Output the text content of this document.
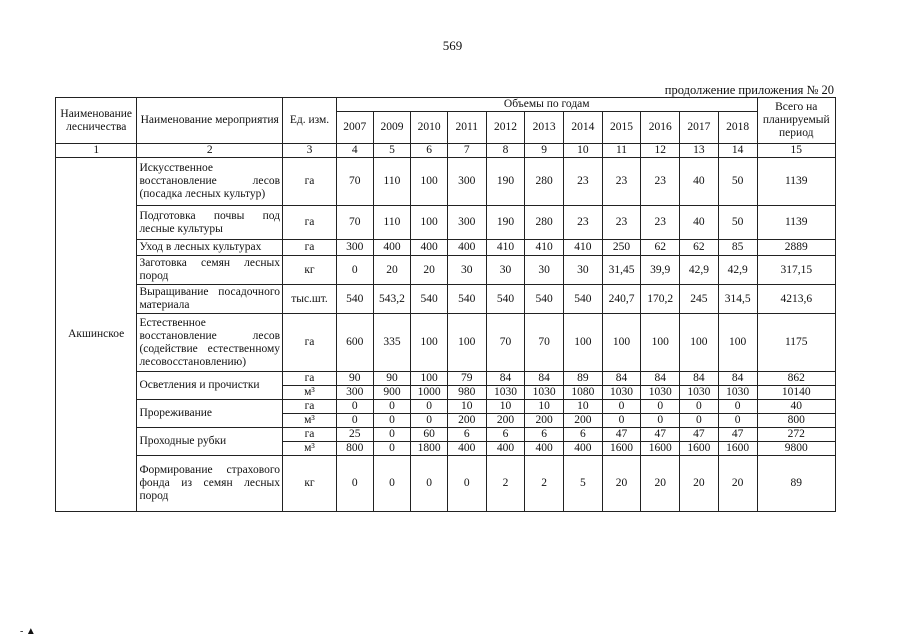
569
продолжение приложения № 20
Наименование лесничества	Наименование мероприятия	Ед. изм.	Объемы по годам											Всего на планируемый период
			2007	2009	2010	2011	2012	2013	2014	2015	2016	2017	2018	
1	2	3	4	5	6	7	8	9	10	11	12	13	14	15
Акшинское	Искусственное восстановление лесов (посадка лесных культур)	га	70	110	100	300	190	280	23	23	23	40	50	1139
	Подготовка почвы под лесные культуры	га	70	110	100	300	190	280	23	23	23	40	50	1139
	Уход в лесных культурах	га	300	400	400	400	410	410	410	250	62	62	85	2889
	Заготовка семян лесных пород	кг	0	20	20	30	30	30	30	31,45	39,9	42,9	42,9	317,15
	Выращивание посадочного материала	тыс.шт.	540	543,2	540	540	540	540	540	240,7	170,2	245	314,5	4213,6
	Естественное восстановление лесов (содействие естественному лесовосстановлению)	га	600	335	100	100	70	70	100	100	100	100	100	1175
	Осветления и прочистки	га	90	90	100	79	84	84	89	84	84	84	84	862
		м³	300	900	1000	980	1030	1030	1080	1030	1030	1030	1030	10140
	Прореживание	га	0	0	0	10	10	10	10	0	0	0	0	40
		м³	0	0	0	200	200	200	200	0	0	0	0	800
	Проходные рубки	га	25	0	60	6	6	6	6	47	47	47	47	272
		м³	800	0	1800	400	400	400	400	1600	1600	1600	1600	9800
	Формирование страхового фонда из семян лесных пород	кг	0	0	0	0	2	2	5	20	20	20	20	89
- ▲
